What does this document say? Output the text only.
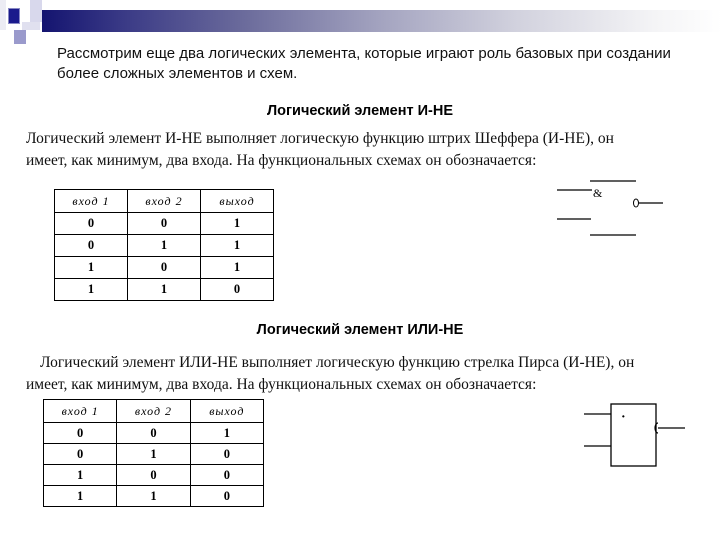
Рассмотрим еще два логических элемента, которые играют роль базовых при создании более сложных элементов и схем.
Логический элемент И-НЕ
Логический элемент И-НЕ выполняет логическую функцию штрих Шеффера (И-НЕ), он
имеет, как минимум, два входа. На функциональных схемах он обозначается:
вход 1	вход 2	выход
0	0	1
0	1	1
1	0	1
1	1	0
&
Логический элемент ИЛИ-НЕ
Логический элемент ИЛИ-НЕ выполняет логическую функцию стрелка Пирса (И-НЕ), он
имеет, как минимум, два входа. На функциональных схемах он обозначается:
вход 1	вход 2	выход
0	0	1
0	1	0
1	0	0
1	1	0
·
